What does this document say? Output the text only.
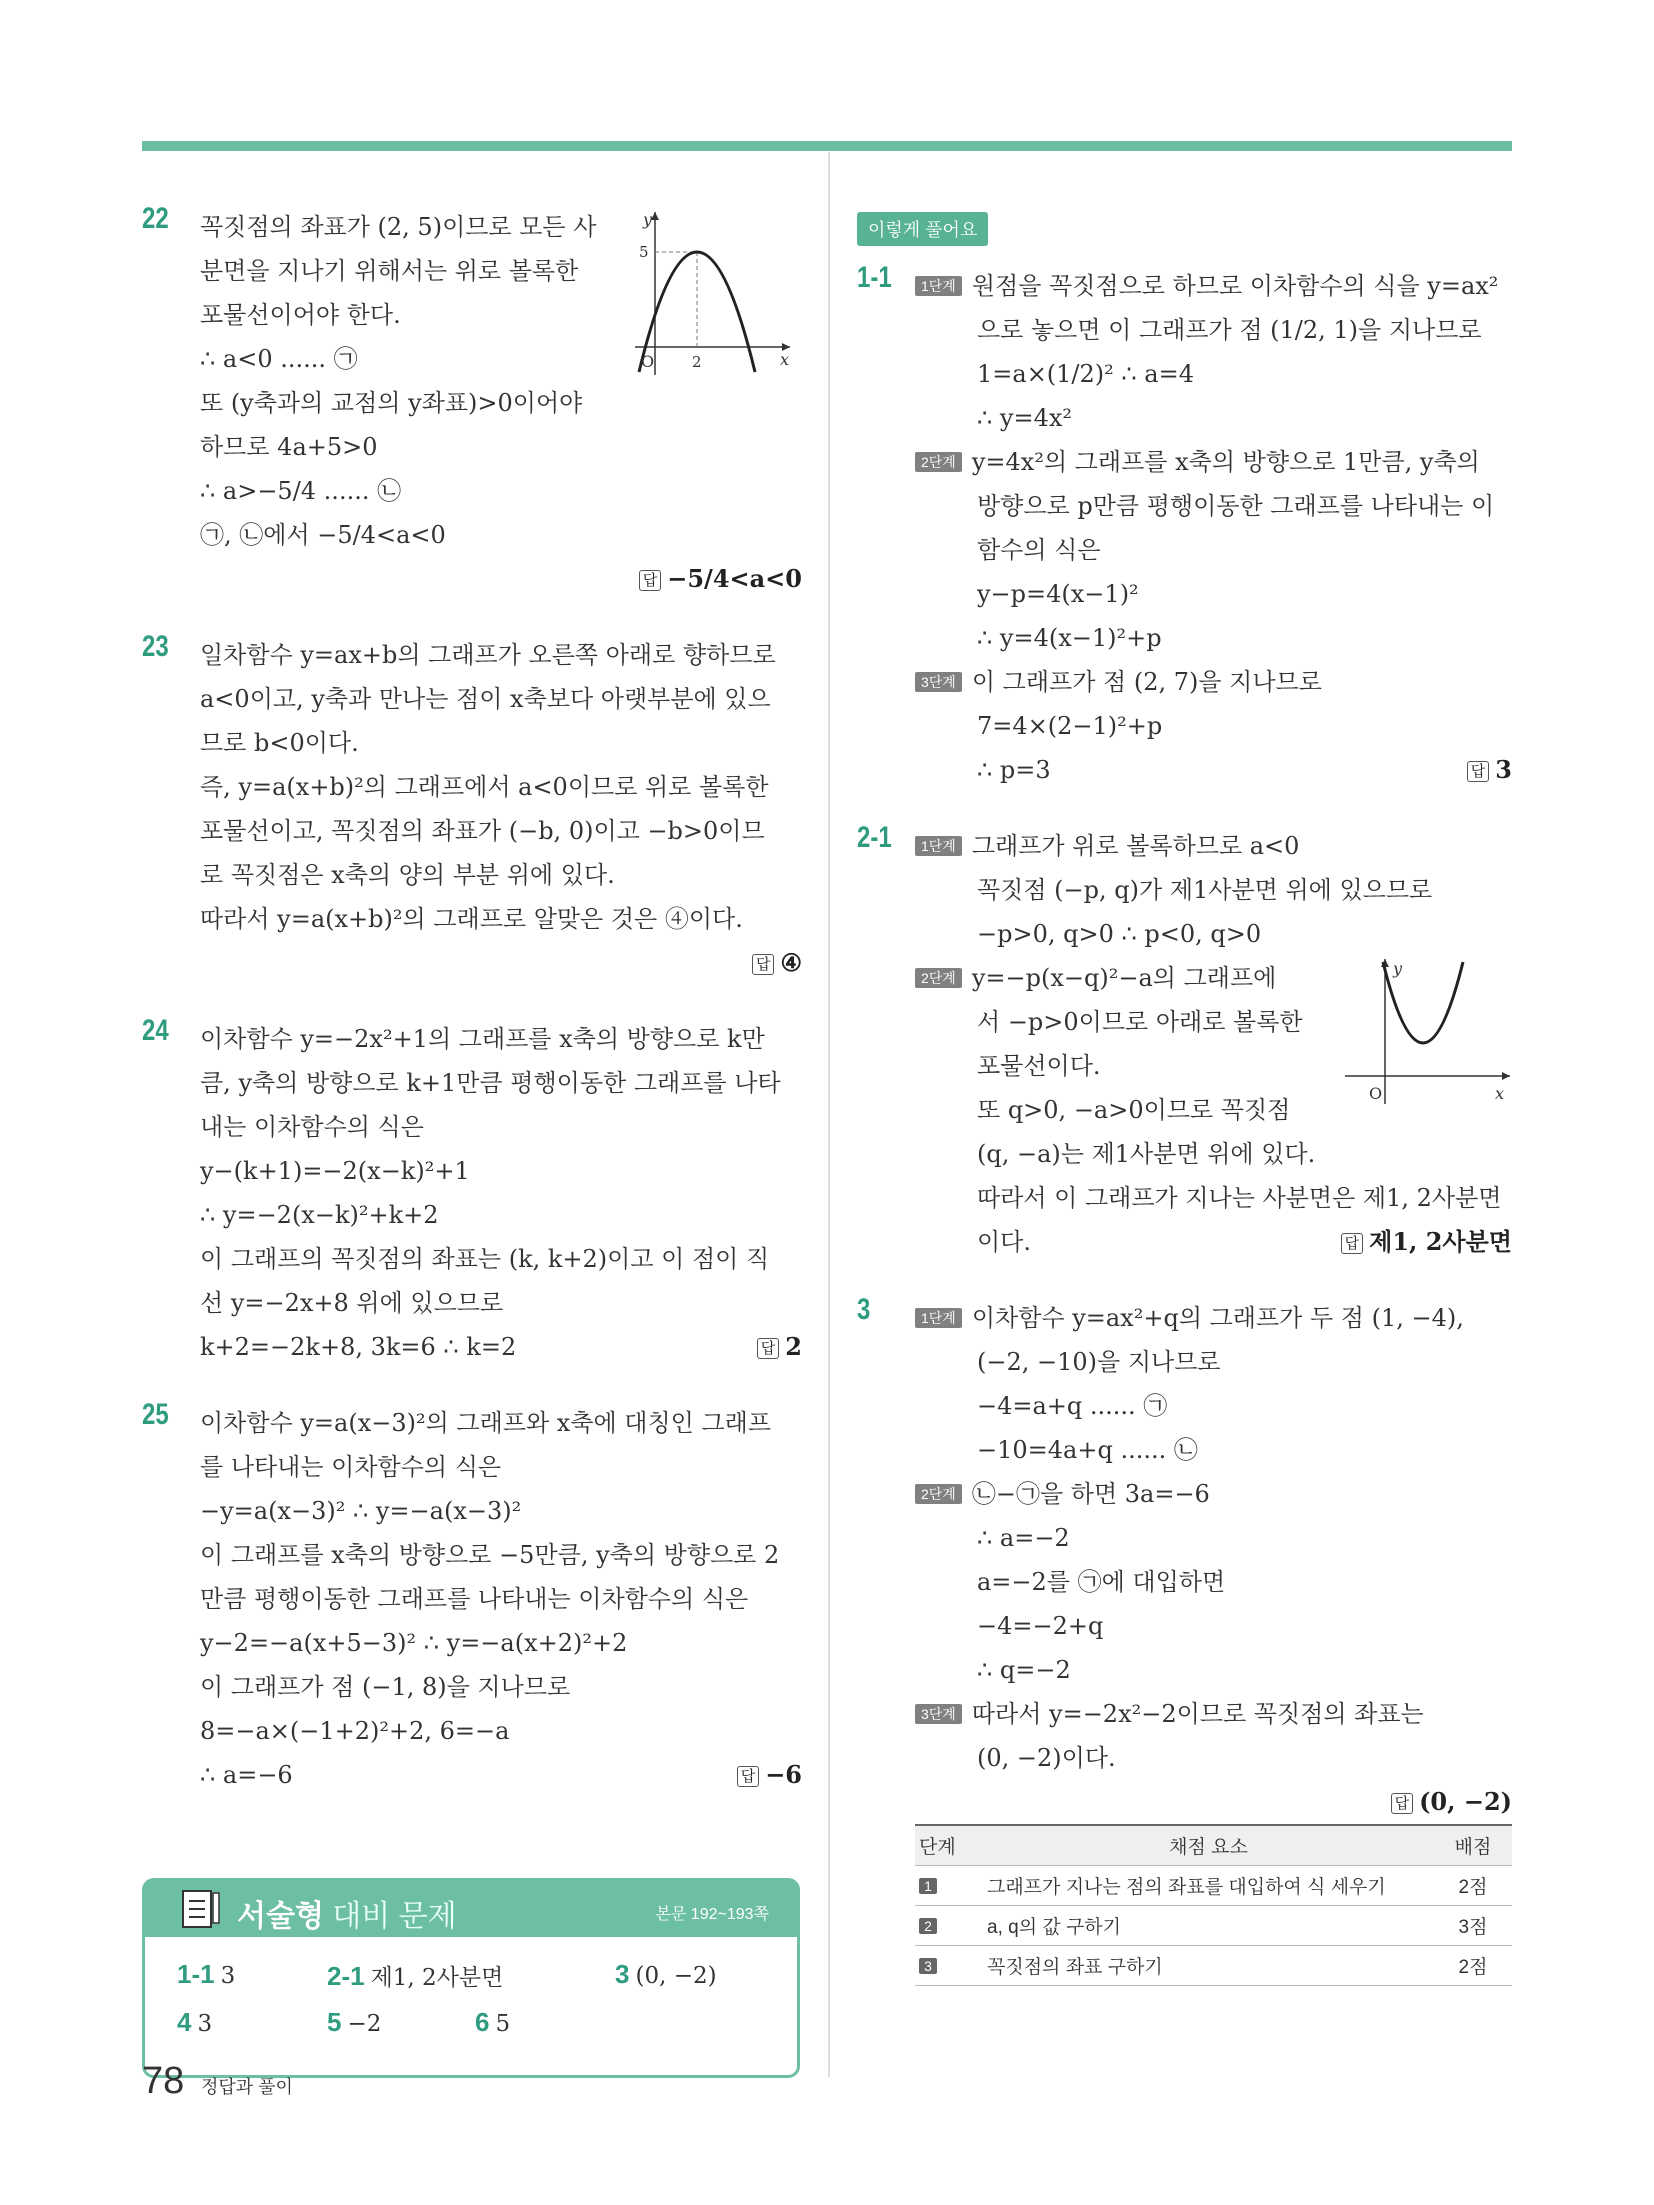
22 꼭짓점의 좌표가 (2, 5)이므로 모든 사
분면을 지나기 위해서는 위로 볼록한
포물선이어야 한다.
∴ a<0 ...... ㉠
또 (y축과의 교점의 y좌표)>0이어야
하므로 4a+5>0
∴ a>−5/4 ...... ㉡
㉠, ㉡에서 −5/4<a<0
답 −5/4<a<0
y
x
O	2
5
23 일차함수 y=ax+b의 그래프가 오른쪽 아래로 향하므로
a<0이고, y축과 만나는 점이 x축보다 아랫부분에 있으
므로 b<0이다.
즉, y=a(x+b)²의 그래프에서 a<0이므로 위로 볼록한
포물선이고, 꼭짓점의 좌표가 (−b, 0)이고 −b>0이므
로 꼭짓점은 x축의 양의 부분 위에 있다.
따라서 y=a(x+b)²의 그래프로 알맞은 것은 ④이다.
답 ④
24 이차함수 y=−2x²+1의 그래프를 x축의 방향으로 k만
큼, y축의 방향으로 k+1만큼 평행이동한 그래프를 나타
내는 이차함수의 식은
y−(k+1)=−2(x−k)²+1
∴ y=−2(x−k)²+k+2
이 그래프의 꼭짓점의 좌표는 (k, k+2)이고 이 점이 직
선 y=−2x+8 위에 있으므로
k+2=−2k+8, 3k=6 ∴ k=2	답 2
25 이차함수 y=a(x−3)²의 그래프와 x축에 대칭인 그래프
를 나타내는 이차함수의 식은
−y=a(x−3)² ∴ y=−a(x−3)²
이 그래프를 x축의 방향으로 −5만큼, y축의 방향으로 2
만큼 평행이동한 그래프를 나타내는 이차함수의 식은
y−2=−a(x+5−3)² ∴ y=−a(x+2)²+2
이 그래프가 점 (−1, 8)을 지나므로
8=−a×(−1+2)²+2, 6=−a
∴ a=−6	답 −6
이렇게 풀어요
1-1	1단계 원점을 꼭짓점으로 하므로 이차함수의 식을 y=ax²
으로 놓으면 이 그래프가 점 (1/2, 1)을 지나므로
1=a×(1/2)² ∴ a=4
∴ y=4x²
2단계 y=4x²의 그래프를 x축의 방향으로 1만큼, y축의
방향으로 p만큼 평행이동한 그래프를 나타내는 이
함수의 식은
y−p=4(x−1)²
∴ y=4(x−1)²+p
3단계 이 그래프가 점 (2, 7)을 지나므로
7=4×(2−1)²+p
∴ p=3	답 3
2-1	1단계 그래프가 위로 볼록하므로 a<0
꼭짓점 (−p, q)가 제1사분면 위에 있으므로
−p>0, q>0 ∴ p<0, q>0
2단계 y=−p(x−q)²−a의 그래프에
서 −p>0이므로 아래로 볼록한
포물선이다.
또 q>0, −a>0이므로 꼭짓점
(q, −a)는 제1사분면 위에 있다.
따라서 이 그래프가 지나는 사분면은 제1, 2사분면
이다.	답 제1, 2사분면
y
x
O
3	1단계 이차함수 y=ax²+q의 그래프가 두 점 (1, −4),
(−2, −10)을 지나므로
−4=a+q ...... ㉠
−10=4a+q ...... ㉡
2단계 ㉡−㉠을 하면 3a=−6
∴ a=−2
a=−2를 ㉠에 대입하면
−4=−2+q
∴ q=−2
3단계 따라서 y=−2x²−2이므로 꼭짓점의 좌표는
(0, −2)이다.
답 (0, −2)
단계	채점 요소	배점
1	그래프가 지나는 점의 좌표를 대입하여 식 세우기	2점
2	a, q의 값 구하기	3점
3	꼭짓점의 좌표 구하기	2점
서술형 대비 문제	본문 192~193쪽
1-1 3	2-1 제1, 2사분면	3 (0, −2)
4 3	5 −2	6 5
78 정답과 풀이
